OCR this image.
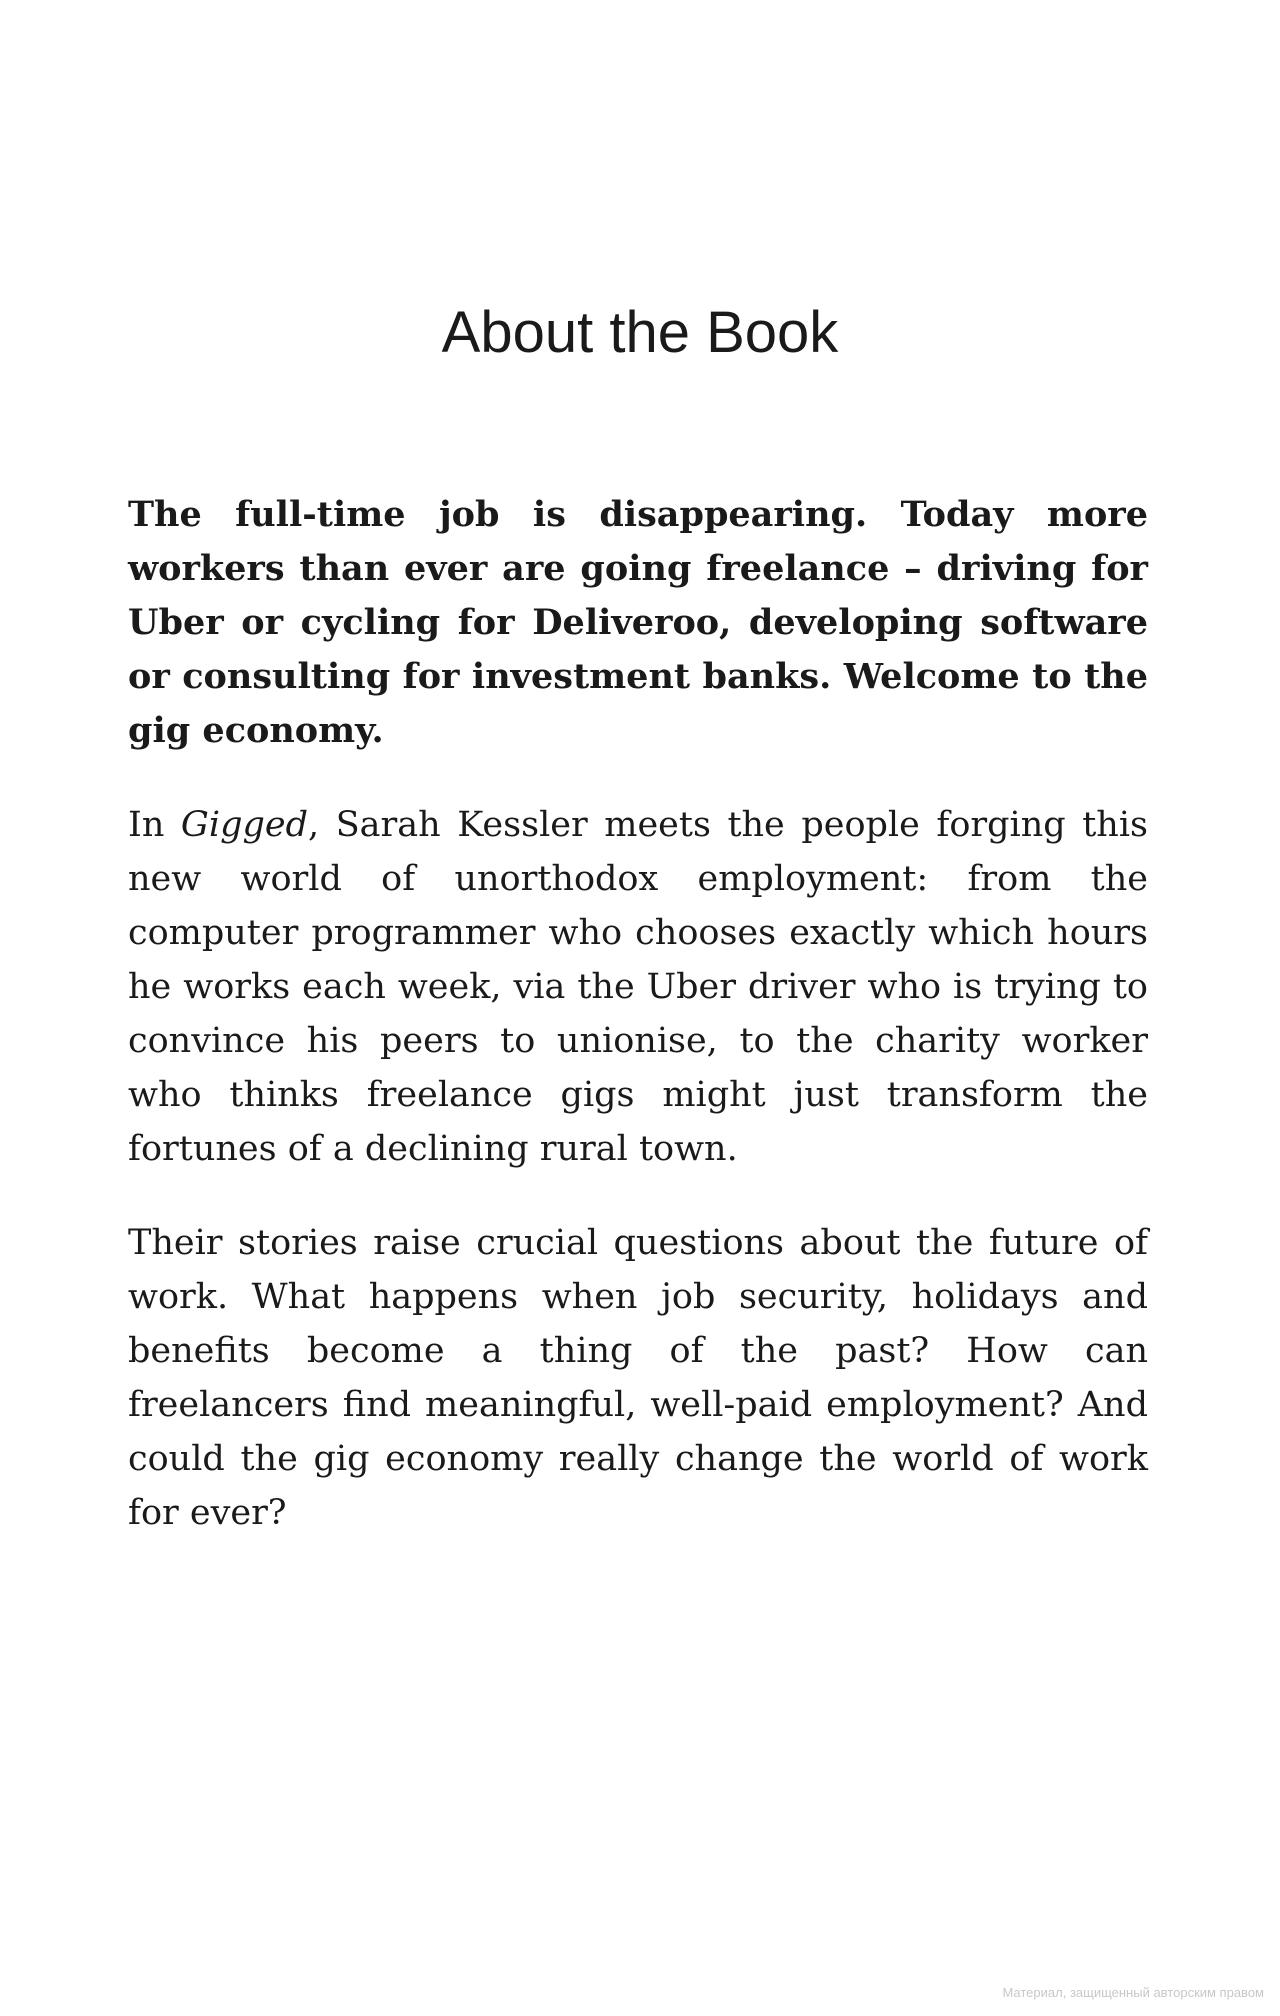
About the Book

The full-time job is disappearing. Today more workers than ever are going freelance – driving for Uber or cycling for Deliveroo, developing software or consulting for investment banks. Welcome to the gig economy.

In Gigged, Sarah Kessler meets the people forging this new world of unorthodox employment: from the computer programmer who chooses exactly which hours he works each week, via the Uber driver who is trying to convince his peers to unionise, to the charity worker who thinks freelance gigs might just transform the fortunes of a declining rural town.

Their stories raise crucial questions about the future of work. What happens when job security, holidays and benefits become a thing of the past? How can freelancers find meaningful, well-paid employment? And could the gig economy really change the world of work for ever?

Материал, защищенный авторским правом
